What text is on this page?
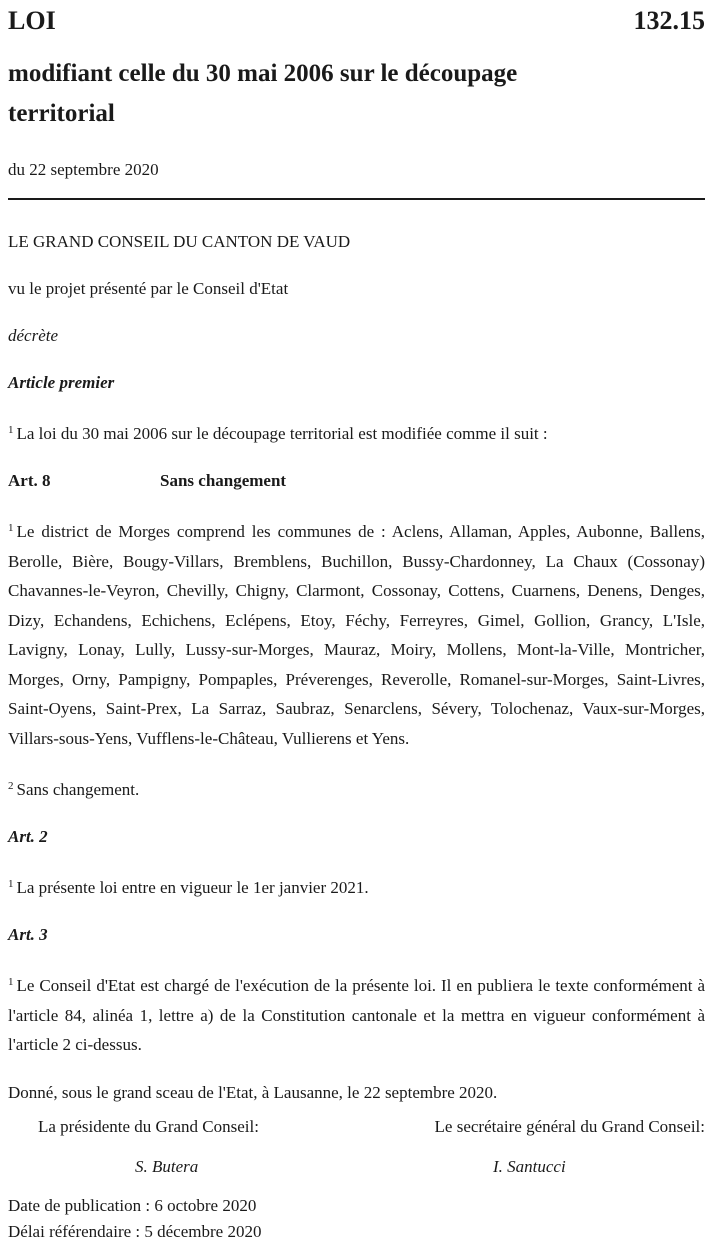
LOI	132.15
modifiant celle du 30 mai 2006 sur le découpage
territorial
du 22 septembre 2020

LE GRAND CONSEIL DU CANTON DE VAUD

vu le projet présenté par le Conseil d'Etat

décrète

Article premier

$^1$ La loi du 30 mai 2006 sur le découpage territorial est modifiée comme il suit :

Art. 8	Sans changement

$^1$ Le district de Morges comprend les communes de : Aclens, Allaman, Apples, Aubonne, Ballens, Berolle, Bière, Bougy-Villars, Bremblens, Buchillon, Bussy-Chardonney, La Chaux (Cossonay) Chavannes-le-Veyron, Chevilly, Chigny, Clarmont, Cossonay, Cottens, Cuarnens, Denens, Denges, Dizy, Echandens, Echichens, Eclépens, Etoy, Féchy, Ferreyres, Gimel, Gollion, Grancy, L'Isle, Lavigny, Lonay, Lully, Lussy-sur-Morges, Mauraz, Moiry, Mollens, Mont-la-Ville, Montricher, Morges, Orny, Pampigny, Pompaples, Préverenges, Reverolle, Romanel-sur-Morges, Saint-Livres, Saint-Oyens, Saint-Prex, La Sarraz, Saubraz, Senarclens, Sévery, Tolochenaz, Vaux-sur-Morges, Villars-sous-Yens, Vufflens-le-Château, Vullierens et Yens.

$^2$ Sans changement.

Art. 2

$^1$ La présente loi entre en vigueur le 1er janvier 2021.

Art. 3

$^1$ Le Conseil d'Etat est chargé de l'exécution de la présente loi. Il en publiera le texte conformément à l'article 84, alinéa 1, lettre a) de la Constitution cantonale et la mettra en vigueur conformément à l'article 2 ci-dessus.

Donné, sous le grand sceau de l'Etat, à Lausanne, le 22 septembre 2020.

La présidente du Grand Conseil:	Le secrétaire général du Grand Conseil:
S. Butera	I. Santucci

Date de publication : 6 octobre 2020

Délai référendaire : 5 décembre 2020
